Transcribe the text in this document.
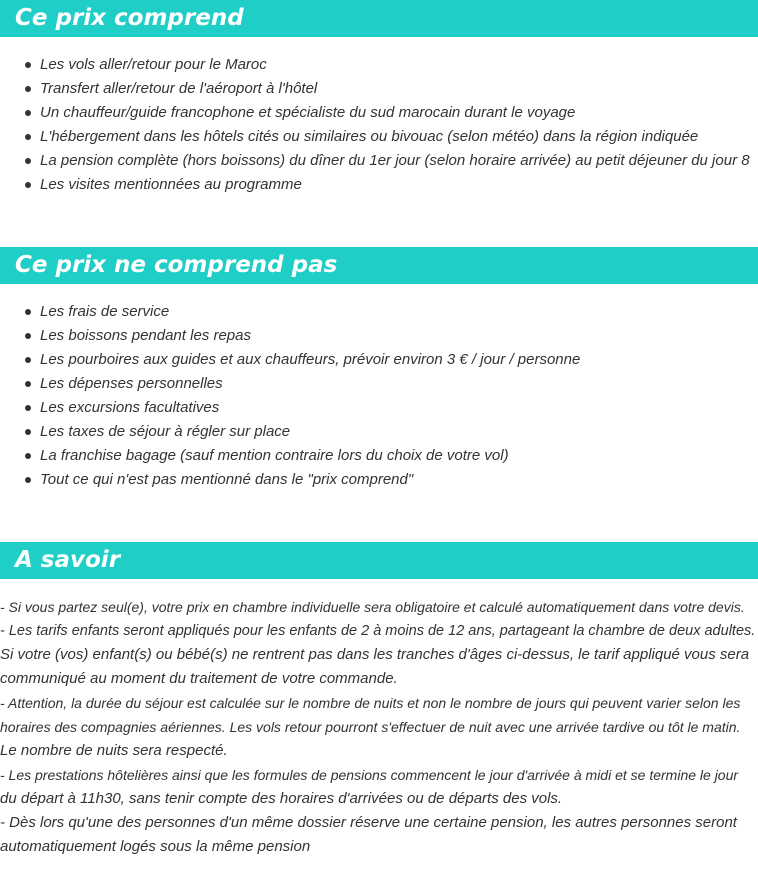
Ce prix comprend
Les vols aller/retour pour le Maroc
Transfert aller/retour de l'aéroport à l'hôtel
Un chauffeur/guide francophone et spécialiste du sud marocain durant le voyage
L'hébergement dans les hôtels cités ou similaires ou bivouac (selon météo) dans la région indiquée
La pension complète (hors boissons) du dîner du 1er jour (selon horaire arrivée) au petit déjeuner du jour 8
Les visites mentionnées au programme
Ce prix ne comprend pas
Les frais de service
Les boissons pendant les repas
Les pourboires aux guides et aux chauffeurs, prévoir environ 3 € / jour / personne
Les dépenses personnelles
Les excursions facultatives
Les taxes de séjour à régler sur place
La franchise bagage (sauf mention contraire lors du choix de votre vol)
Tout ce qui n'est pas mentionné dans le "prix comprend"
A savoir
- Si vous partez seul(e), votre prix en chambre individuelle sera obligatoire et calculé automatiquement dans votre devis.
- Les tarifs enfants seront appliqués pour les enfants de 2 à moins de 12 ans, partageant la chambre de deux adultes.
Si votre (vos) enfant(s) ou bébé(s) ne rentrent pas dans les tranches d'âges ci-dessus, le tarif appliqué vous sera
communiqué au moment du traitement de votre commande.
- Attention, la durée du séjour est calculée sur le nombre de nuits et non le nombre de jours qui peuvent varier selon les
horaires des compagnies aériennes. Les vols retour pourront s'effectuer de nuit avec une arrivée tardive ou tôt le matin.
Le nombre de nuits sera respecté.
- Les prestations hôtelières ainsi que les formules de pensions commencent le jour d'arrivée à midi et se termine le jour
du départ à 11h30, sans tenir compte des horaires d'arrivées ou de départs des vols.
- Dès lors qu'une des personnes d'un même dossier réserve une certaine pension, les autres personnes seront
automatiquement logés sous la même pension
